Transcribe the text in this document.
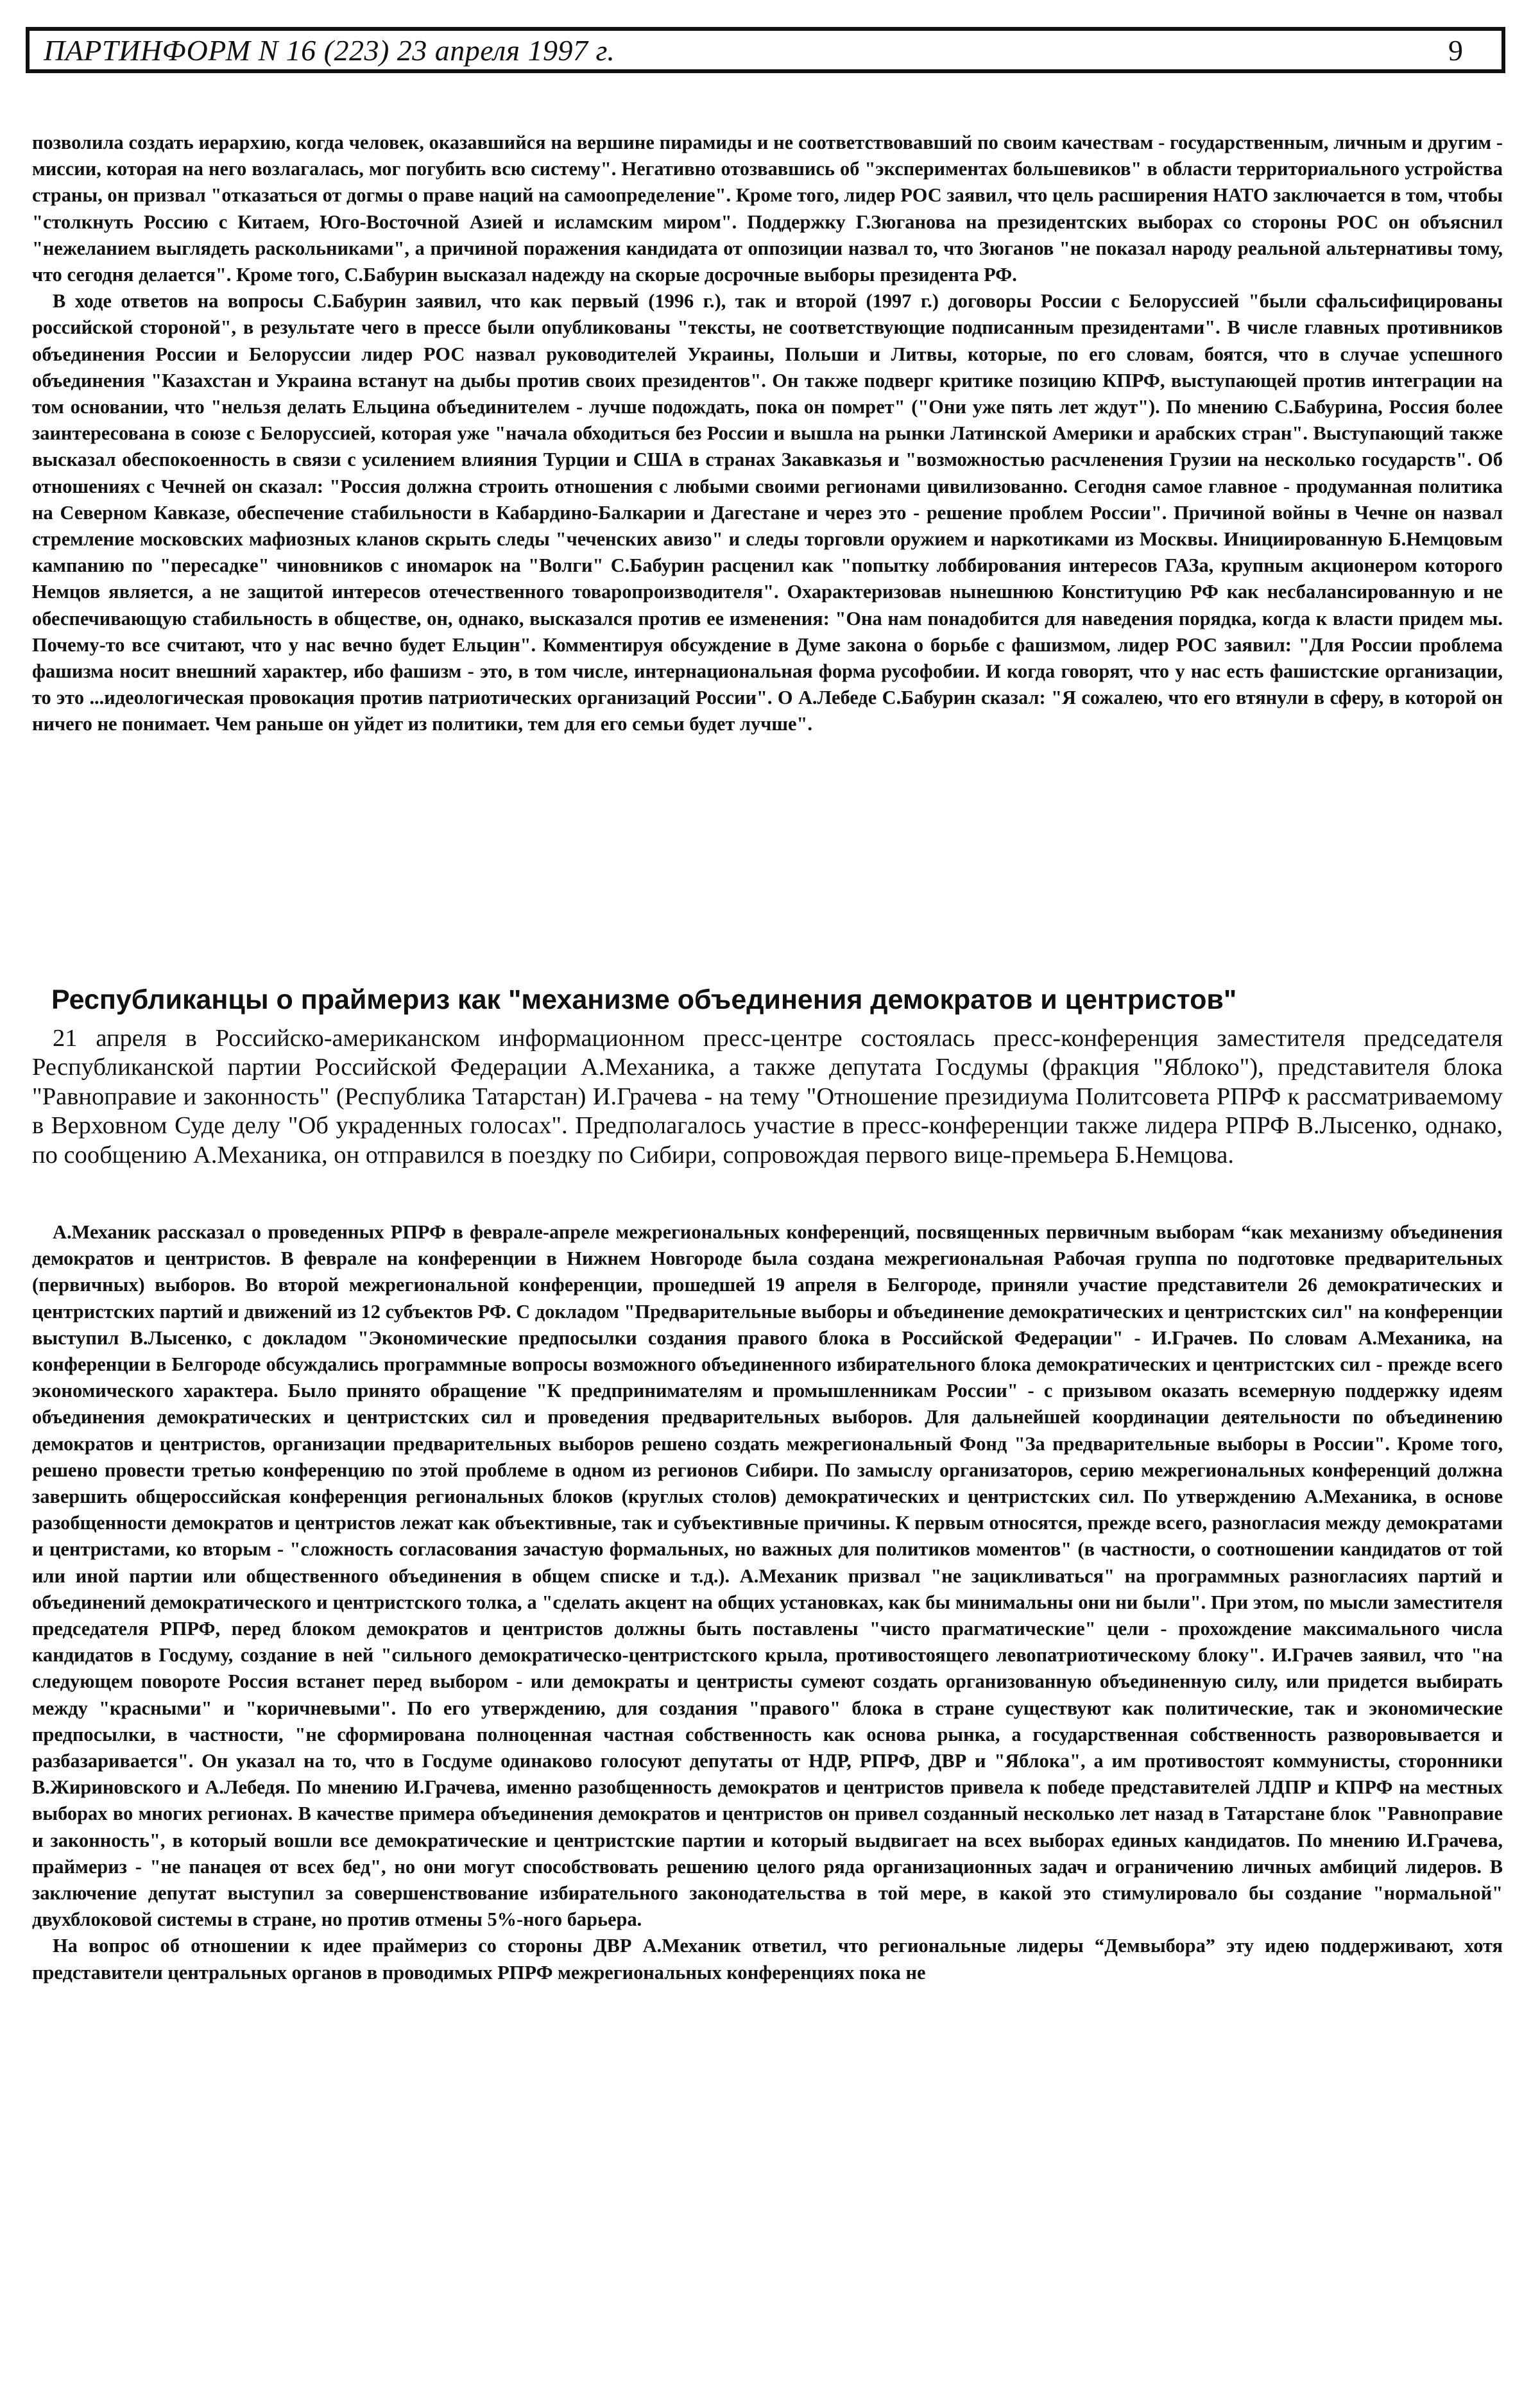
ПАРТИНФОРМ N 16 (223) 23 апреля 1997 г.	9

позволила создать иерархию, когда человек, оказавшийся на вершине пирамиды и не соответствовавший по своим качествам - государственным, личным и другим - миссии, которая на него возлагалась, мог погубить всю систему". Негативно отозвавшись об "экспериментах большевиков" в области территориального устройства страны, он призвал "отказаться от догмы о праве наций на самоопределение". Кроме того, лидер РОС заявил, что цель расширения НАТО заключается в том, чтобы "столкнуть Россию с Китаем, Юго-Восточной Азией и исламским миром". Поддержку Г.Зюганова на президентских выборах со стороны РОС он объяснил "нежеланием выглядеть раскольниками", а причиной поражения кандидата от оппозиции назвал то, что Зюганов "не показал народу реальной альтернативы тому, что сегодня делается". Кроме того, С.Бабурин высказал надежду на скорые досрочные выборы президента РФ.

В ходе ответов на вопросы С.Бабурин заявил, что как первый (1996 г.), так и второй (1997 г.) договоры России с Белоруссией "были сфальсифицированы российской стороной", в результате чего в прессе были опубликованы "тексты, не соответствующие подписанным президентами". В числе главных противников объединения России и Белоруссии лидер РОС назвал руководителей Украины, Польши и Литвы, которые, по его словам, боятся, что в случае успешного объединения "Казахстан и Украина встанут на дыбы против своих президентов". Он также подверг критике позицию КПРФ, выступающей против интеграции на том основании, что "нельзя делать Ельцина объединителем - лучше подождать, пока он помрет" ("Они уже пять лет ждут"). По мнению С.Бабурина, Россия более заинтересована в союзе с Белоруссией, которая уже "начала обходиться без России и вышла на рынки Латинской Америки и арабских стран". Выступающий также высказал обеспокоенность в связи с усилением влияния Турции и США в странах Закавказья и "возможностью расчленения Грузии на несколько государств". Об отношениях с Чечней он сказал: "Россия должна строить отношения с любыми своими регионами цивилизованно. Сегодня самое главное - продуманная политика на Северном Кавказе, обеспечение стабильности в Кабардино-Балкарии и Дагестане и через это - решение проблем России". Причиной войны в Чечне он назвал стремление московских мафиозных кланов скрыть следы "чеченских авизо" и следы торговли оружием и наркотиками из Москвы. Инициированную Б.Немцовым кампанию по "пересадке" чиновников с иномарок на "Волги" С.Бабурин расценил как "попытку лоббирования интересов ГАЗа, крупным акционером которого Немцов является, а не защитой интересов отечественного товаропроизводителя". Охарактеризовав нынешнюю Конституцию РФ как несбалансированную и не обеспечивающую стабильность в обществе, он, однако, высказался против ее изменения: "Она нам понадобится для наведения порядка, когда к власти придем мы. Почему-то все считают, что у нас вечно будет Ельцин". Комментируя обсуждение в Думе закона о борьбе с фашизмом, лидер РОС заявил: "Для России проблема фашизма носит внешний характер, ибо фашизм - это, в том числе, интернациональная форма русофобии. И когда говорят, что у нас есть фашистские организации, то это ...идеологическая провокация против патриотических организаций России". О А.Лебеде С.Бабурин сказал: "Я сожалею, что его втянули в сферу, в которой он ничего не понимает. Чем раньше он уйдет из политики, тем для его семьи будет лучше".

Республиканцы о праймериз как "механизме объединения демократов и центристов"

21 апреля в Российско-американском информационном пресс-центре состоялась пресс-конференция заместителя председателя Республиканской партии Российской Федерации А.Механика, а также депутата Госдумы (фракция "Яблоко"), представителя блока "Равноправие и законность" (Республика Татарстан) И.Грачева - на тему "Отношение президиума Политсовета РПРФ к рассматриваемому в Верховном Суде делу "Об украденных голосах". Предполагалось участие в пресс-конференции также лидера РПРФ В.Лысенко, однако, по сообщению А.Механика, он отправился в поездку по Сибири, сопровождая первого вице-премьера Б.Немцова.

А.Механик рассказал о проведенных РПРФ в феврале-апреле межрегиональных конференций, посвященных первичным выборам “как механизму объединения демократов и центристов. В феврале на конференции в Нижнем Новгороде была создана межрегиональная Рабочая группа по подготовке предварительных (первичных) выборов. Во второй межрегиональной конференции, прошедшей 19 апреля в Белгороде, приняли участие представители 26 демократических и центристских партий и движений из 12 субъектов РФ. С докладом "Предварительные выборы и объединение демократических и центристских сил" на конференции выступил В.Лысенко, с докладом "Экономические предпосылки создания правого блока в Российской Федерации" - И.Грачев. По словам А.Механика, на конференции в Белгороде обсуждались программные вопросы возможного объединенного избирательного блока демократических и центристских сил - прежде всего экономического характера. Было принято обращение "К предпринимателям и промышленникам России" - с призывом оказать всемерную поддержку идеям объединения демократических и центристских сил и проведения предварительных выборов. Для дальнейшей координации деятельности по объединению демократов и центристов, организации предварительных выборов решено создать межрегиональный Фонд "За предварительные выборы в России". Кроме того, решено провести третью конференцию по этой проблеме в одном из регионов Сибири. По замыслу организаторов, серию межрегиональных конференций должна завершить общероссийская конференция региональных блоков (круглых столов) демократических и центристских сил. По утверждению А.Механика, в основе разобщенности демократов и центристов лежат как объективные, так и субъективные причины. К первым относятся, прежде всего, разногласия между демократами и центристами, ко вторым - "сложность согласования зачастую формальных, но важных для политиков моментов" (в частности, о соотношении кандидатов от той или иной партии или общественного объединения в общем списке и т.д.). А.Механик призвал "не зацикливаться" на программных разногласиях партий и объединений демократического и центристского толка, а "сделать акцент на общих установках, как бы минимальны они ни были". При этом, по мысли заместителя председателя РПРФ, перед блоком демократов и центристов должны быть поставлены "чисто прагматические" цели - прохождение максимального числа кандидатов в Госдуму, создание в ней "сильного демократическо-центристского крыла, противостоящего левопатриотическому блоку". И.Грачев заявил, что "на следующем повороте Россия встанет перед выбором - или демократы и центристы сумеют создать организованную объединенную силу, или придется выбирать между "красными" и "коричневыми". По его утверждению, для создания "правого" блока в стране существуют как политические, так и экономические предпосылки, в частности, "не сформирована полноценная частная собственность как основа рынка, а государственная собственность разворовывается и разбазаривается". Он указал на то, что в Госдуме одинаково голосуют депутаты от НДР, РПРФ, ДВР и "Яблока", а им противостоят коммунисты, сторонники В.Жириновского и А.Лебедя. По мнению И.Грачева, именно разобщенность демократов и центристов привела к победе представителей ЛДПР и КПРФ на местных выборах во многих регионах. В качестве примера объединения демократов и центристов он привел созданный несколько лет назад в Татарстане блок "Равноправие и законность", в который вошли все демократические и центристские партии и который выдвигает на всех выборах единых кандидатов. По мнению И.Грачева, праймериз - "не панацея от всех бед", но они могут способствовать решению целого ряда организационных задач и ограничению личных амбиций лидеров. В заключение депутат выступил за совершенствование избирательного законодательства в той мере, в какой это стимулировало бы создание "нормальной" двухблоковой системы в стране, но против отмены 5%-ного барьера.

На вопрос об отношении к идее праймериз со стороны ДВР А.Механик ответил, что региональные лидеры “Демвыбора” эту идею поддерживают, хотя представители центральных органов в проводимых РПРФ межрегиональных конференциях пока не
